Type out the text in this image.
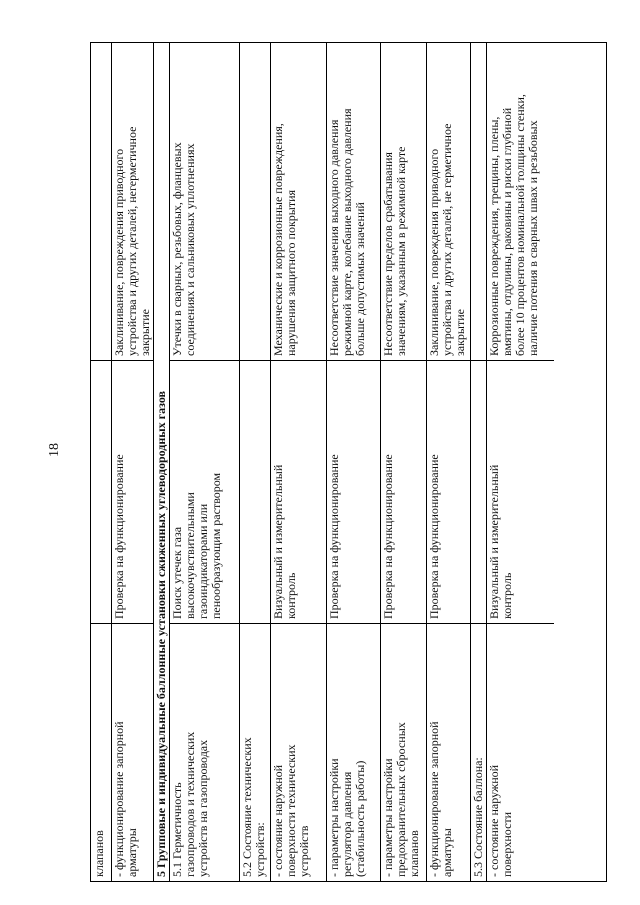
18
клапанов - функционирование запорной арматуры
Проверка на функционирование
Заклинивание, повреждения приводного устройства и других деталей, негерметичное закрытие
5 Групповые и индивидуальные баллонные установки сжиженных углеводородных газов 5.1 Герметичность газопроводов и технических устройств на газопроводах
Поиск утечек газа высокочувствительными газоиндикаторами или пенообразующим раствором
Утечки в сварных, резьбовых, фланцевых соединениях и сальниковых уплотнениях
5.2 Состояние технических устройств: - состояние наружной поверхности технических устройств
Визуальный и измерительный контроль
Механические и коррозионные повреждения, нарушения защитного покрытия
- параметры настройки регулятора давления (стабильность работы)
Проверка на функционирование
Несоответствие значения выходного давления режимной карте, колебание выходного давления больше допустимых значений
- параметры настройки предохранительных сбросных клапанов
Проверка на функционирование
Несоответствие пределов срабатывания значениям, указанным в режимной карте
- функционирование запорной арматуры
Проверка на функционирование
Заклинивание, повреждения приводного устройства и других деталей, не герметичное закрытие
5.3 Состояние баллона: - состояние наружной поверхности
Визуальный и измерительный контроль
Коррозионные повреждения, трещины, плены, вмятины, отдулины, раковины и риски глубиной более 10 процентов номинальной толщины стенки, наличие потения в сварных швах и резьбовых
